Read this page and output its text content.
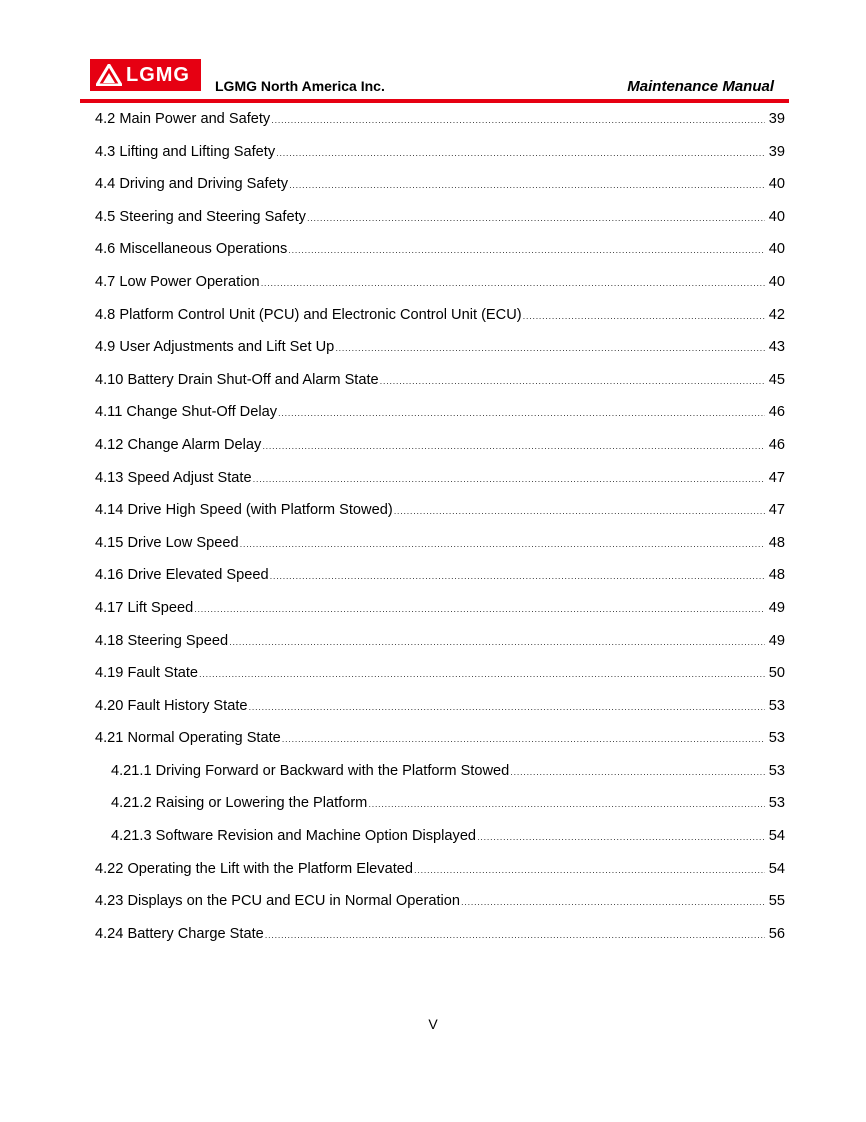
LGMG LGMG North America Inc.	Maintenance Manual
4.2 Main Power and Safety .....	39
4.3 Lifting and Lifting Safety .....	39
4.4 Driving and Driving Safety .....	40
4.5 Steering and Steering Safety .....	40
4.6 Miscellaneous Operations .....	40
4.7 Low Power Operation .....	40
4.8 Platform Control Unit (PCU) and Electronic Control Unit (ECU) .....	42
4.9 User Adjustments and Lift Set Up .....	43
4.10 Battery Drain Shut-Off and Alarm State .....	45
4.11 Change Shut-Off Delay .....	46
4.12 Change Alarm Delay .....	46
4.13 Speed Adjust State .....	47
4.14 Drive High Speed (with Platform Stowed) .....	47
4.15 Drive Low Speed .....	48
4.16 Drive Elevated Speed .....	48
4.17 Lift Speed .....	49
4.18 Steering Speed .....	49
4.19 Fault State .....	50
4.20 Fault History State .....	53
4.21 Normal Operating State .....	53
4.21.1 Driving Forward or Backward with the Platform Stowed .....	53
4.21.2 Raising or Lowering the Platform .....	53
4.21.3 Software Revision and Machine Option Displayed .....	54
4.22 Operating the Lift with the Platform Elevated .....	54
4.23 Displays on the PCU and ECU in Normal Operation .....	55
4.24 Battery Charge State .....	56
V
